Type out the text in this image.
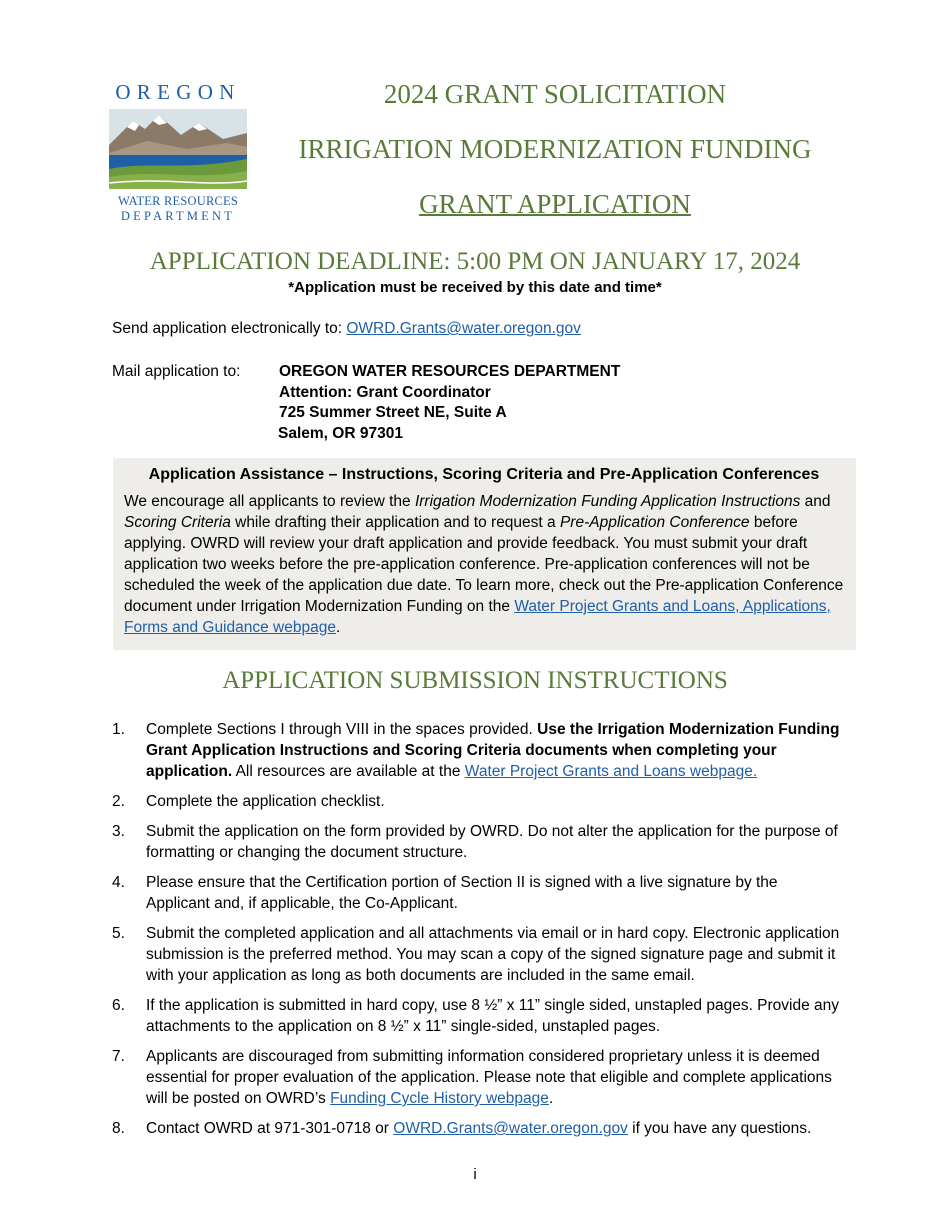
OREGON
WATER RESOURCES
DEPARTMENT
2024 GRANT SOLICITATION
IRRIGATION MODERNIZATION FUNDING
GRANT APPLICATION
APPLICATION DEADLINE: 5:00 PM ON JANUARY 17, 2024
*Application must be received by this date and time*
Send application electronically to: OWRD.Grants@water.oregon.gov
Mail application to: OREGON WATER RESOURCES DEPARTMENT
Attention: Grant Coordinator
725 Summer Street NE, Suite A
Salem, OR 97301
Application Assistance – Instructions, Scoring Criteria and Pre-Application Conferences
We encourage all applicants to review the Irrigation Modernization Funding Application Instructions and Scoring Criteria while drafting their application and to request a Pre-Application Conference before applying. OWRD will review your draft application and provide feedback. You must submit your draft application two weeks before the pre-application conference. Pre-application conferences will not be scheduled the week of the application due date. To learn more, check out the Pre-application Conference document under Irrigation Modernization Funding on the Water Project Grants and Loans, Applications, Forms and Guidance webpage.
APPLICATION SUBMISSION INSTRUCTIONS
1. Complete Sections I through VIII in the spaces provided. Use the Irrigation Modernization Funding Grant Application Instructions and Scoring Criteria documents when completing your application. All resources are available at the Water Project Grants and Loans webpage.
2. Complete the application checklist.
3. Submit the application on the form provided by OWRD. Do not alter the application for the purpose of formatting or changing the document structure.
4. Please ensure that the Certification portion of Section II is signed with a live signature by the Applicant and, if applicable, the Co-Applicant.
5. Submit the completed application and all attachments via email or in hard copy. Electronic application submission is the preferred method. You may scan a copy of the signed signature page and submit it with your application as long as both documents are included in the same email.
6. If the application is submitted in hard copy, use 8 ½” x 11” single sided, unstapled pages. Provide any attachments to the application on 8 ½” x 11” single-sided, unstapled pages.
7. Applicants are discouraged from submitting information considered proprietary unless it is deemed essential for proper evaluation of the application. Please note that eligible and complete applications will be posted on OWRD’s Funding Cycle History webpage.
8. Contact OWRD at 971-301-0718 or OWRD.Grants@water.oregon.gov if you have any questions.
i
